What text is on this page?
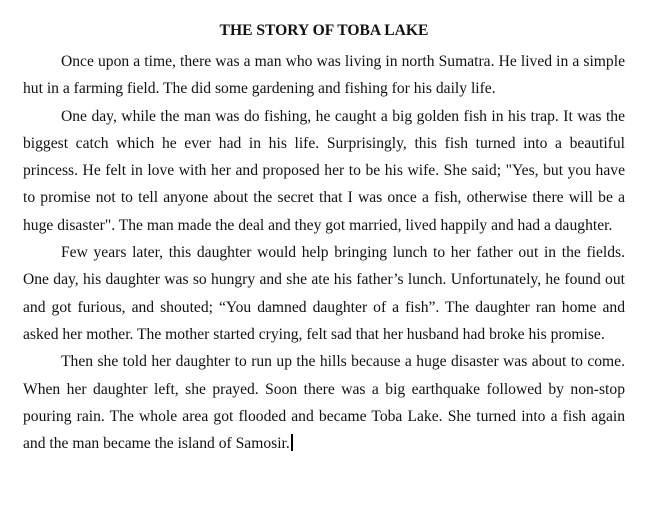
THE STORY OF TOBA LAKE

Once upon a time, there was a man who was living in north Sumatra. He lived in a simple hut in a farming field. The did some gardening and fishing for his daily life.

One day, while the man was do fishing, he caught a big golden fish in his trap. It was the biggest catch which he ever had in his life. Surprisingly, this fish turned into a beautiful princess. He felt in love with her and proposed her to be his wife. She said; "Yes, but you have to promise not to tell anyone about the secret that I was once a fish, otherwise there will be a huge disaster". The man made the deal and they got married, lived happily and had a daughter.

Few years later, this daughter would help bringing lunch to her father out in the fields. One day, his daughter was so hungry and she ate his father’s lunch. Unfortunately, he found out and got furious, and shouted; “You damned daughter of a fish”. The daughter ran home and asked her mother. The mother started crying, felt sad that her husband had broke his promise.

Then she told her daughter to run up the hills because a huge disaster was about to come. When her daughter left, she prayed. Soon there was a big earthquake followed by non-stop pouring rain. The whole area got flooded and became Toba Lake. She turned into a fish again and the man became the island of Samosir.
